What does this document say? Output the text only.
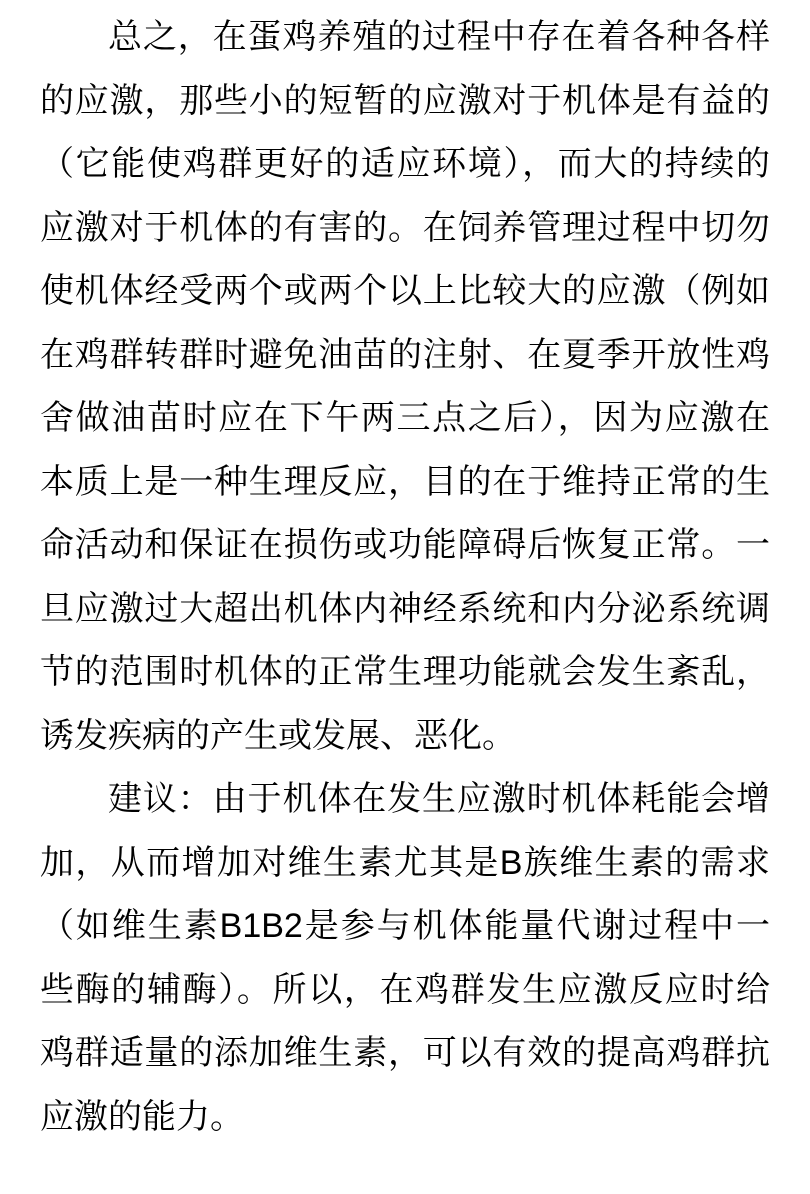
总之，在蛋鸡养殖的过程中存在着各种各样

的应激，那些小的短暂的应激对于机体是有益的

（它能使鸡群更好的适应环境），而大的持续的

应激对于机体的有害的。在饲养管理过程中切勿

使机体经受两个或两个以上比较大的应激（例如

在鸡群转群时避免油苗的注射、在夏季开放性鸡

舍做油苗时应在下午两三点之后），因为应激在

本质上是一种生理反应，目的在于维持正常的生

命活动和保证在损伤或功能障碍后恢复正常。一

旦应激过大超出机体内神经系统和内分泌系统调

节的范围时机体的正常生理功能就会发生紊乱，

诱发疾病的产生或发展、恶化。

建议：由于机体在发生应激时机体耗能会增

加，从而增加对维生素尤其是B族维生素的需求

（如维生素B1B2是参与机体能量代谢过程中一

些酶的辅酶）。所以，在鸡群发生应激反应时给

鸡群适量的添加维生素，可以有效的提高鸡群抗

应激的能力。
